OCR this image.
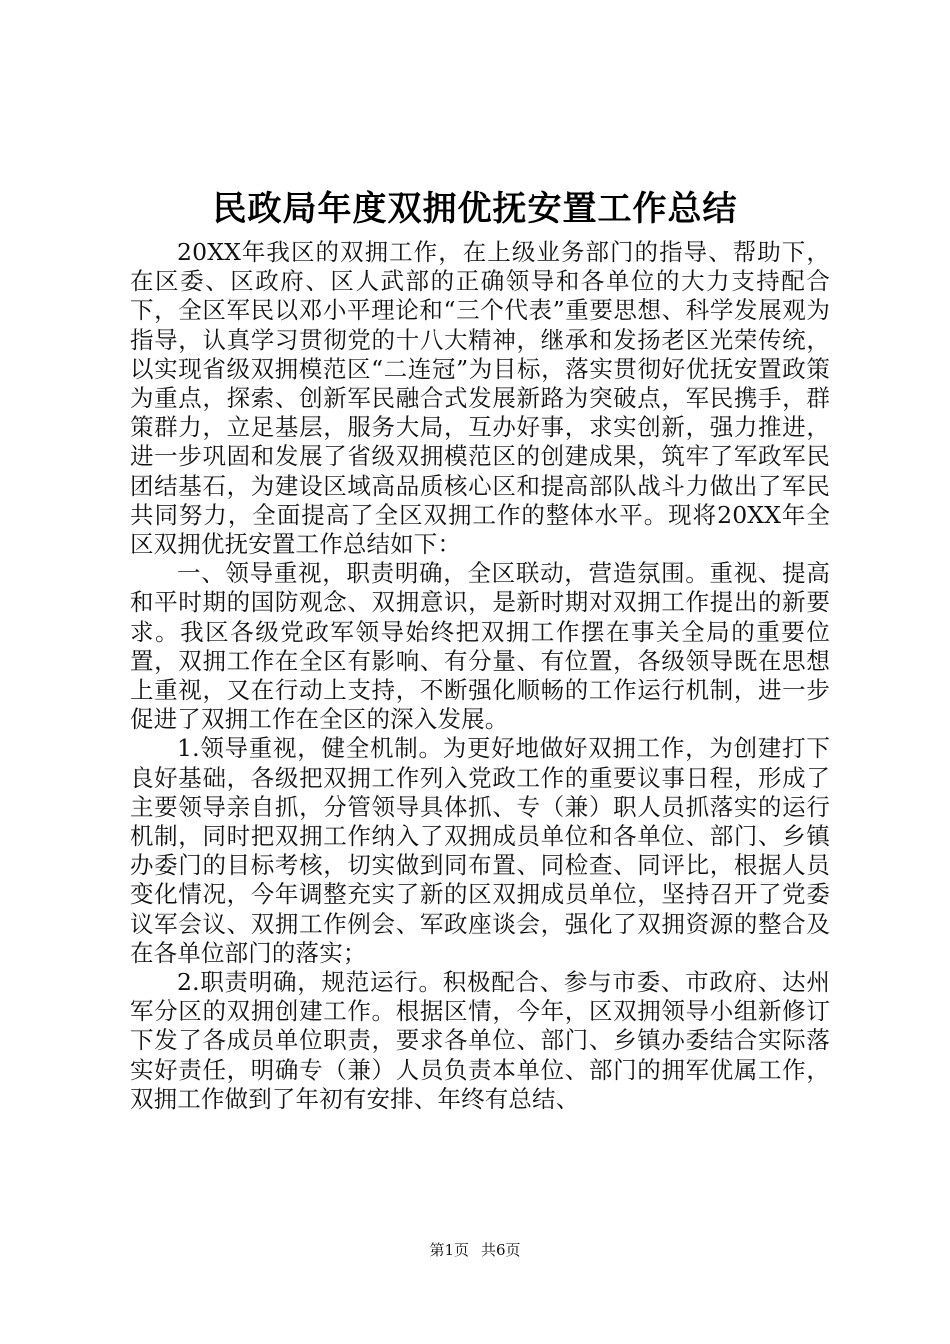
民政局年度双拥优抚安置工作总结

20XX年我区的双拥工作，在上级业务部门的指导、帮助下，在区委、区政府、区人武部的正确领导和各单位的大力支持配合下，全区军民以邓小平理论和“三个代表”重要思想、科学发展观为指导，认真学习贯彻党的十八大精神，继承和发扬老区光荣传统，以实现省级双拥模范区“二连冠”为目标，落实贯彻好优抚安置政策为重点，探索、创新军民融合式发展新路为突破点，军民携手，群策群力，立足基层，服务大局，互办好事，求实创新，强力推进，进一步巩固和发展了省级双拥模范区的创建成果，筑牢了军政军民团结基石，为建设区域高品质核心区和提高部队战斗力做出了军民共同努力，全面提高了全区双拥工作的整体水平。现将20XX年全区双拥优抚安置工作总结如下：

一、领导重视，职责明确，全区联动，营造氛围。重视、提高和平时期的国防观念、双拥意识，是新时期对双拥工作提出的新要求。我区各级党政军领导始终把双拥工作摆在事关全局的重要位置，双拥工作在全区有影响、有分量、有位置，各级领导既在思想上重视，又在行动上支持，不断强化顺畅的工作运行机制，进一步促进了双拥工作在全区的深入发展。

1.领导重视，健全机制。为更好地做好双拥工作，为创建打下良好基础，各级把双拥工作列入党政工作的重要议事日程，形成了主要领导亲自抓，分管领导具体抓、专（兼）职人员抓落实的运行机制，同时把双拥工作纳入了双拥成员单位和各单位、部门、乡镇办委门的目标考核，切实做到同布置、同检查、同评比，根据人员变化情况，今年调整充实了新的区双拥成员单位，坚持召开了党委议军会议、双拥工作例会、军政座谈会，强化了双拥资源的整合及在各单位部门的落实；

2.职责明确，规范运行。积极配合、参与市委、市政府、达州军分区的双拥创建工作。根据区情，今年，区双拥领导小组新修订下发了各成员单位职责，要求各单位、部门、乡镇办委结合实际落实好责任，明确专（兼）人员负责本单位、部门的拥军优属工作，双拥工作做到了年初有安排、年终有总结、

第1页 共6页
